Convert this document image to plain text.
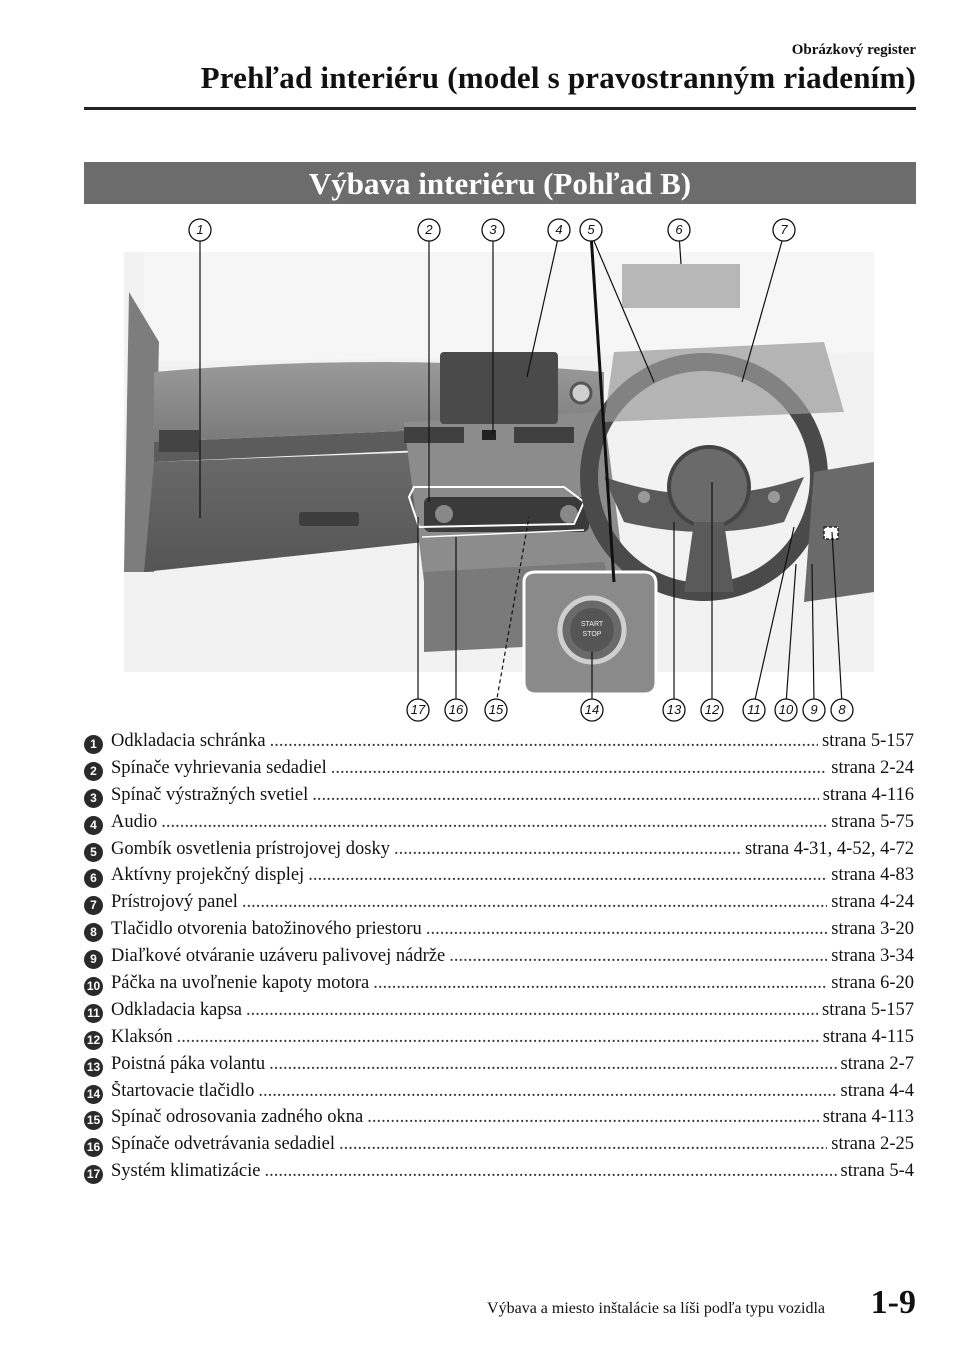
Obrázkový register
Prehľad interiéru (model s pravostranným riadením)
Výbava interiéru (Pohľad B)
START
STOP
1	2	3	4	5	6	7
8
9
10
11
12
13
14
15
16
17
1 Odkladacia schránka .....	strana 5-157
2 Spínače vyhrievania sedadiel .....	strana 2-24
3 Spínač výstražných svetiel .....	strana 4-116
4 Audio .....	strana 5-75
5 Gombík osvetlenia prístrojovej dosky .....	strana 4-31, 4-52, 4-72
6 Aktívny projekčný displej .....	strana 4-83
7 Prístrojový panel .....	strana 4-24
8 Tlačidlo otvorenia batožinového priestoru .....	strana 3-20
9 Diaľkové otváranie uzáveru palivovej nádrže .....	strana 3-34
10 Páčka na uvoľnenie kapoty motora .....	strana 6-20
11 Odkladacia kapsa .....	strana 5-157
12 Klaksón .....	strana 4-115
13 Poistná páka volantu .....	strana 2-7
14 Štartovacie tlačidlo .....	strana 4-4
15 Spínač odrosovania zadného okna .....	strana 4-113
16 Spínače odvetrávania sedadiel .....	strana 2-25
17 Systém klimatizácie .....	strana 5-4
Výbava a miesto inštalácie sa líši podľa typu vozidla 1-9
